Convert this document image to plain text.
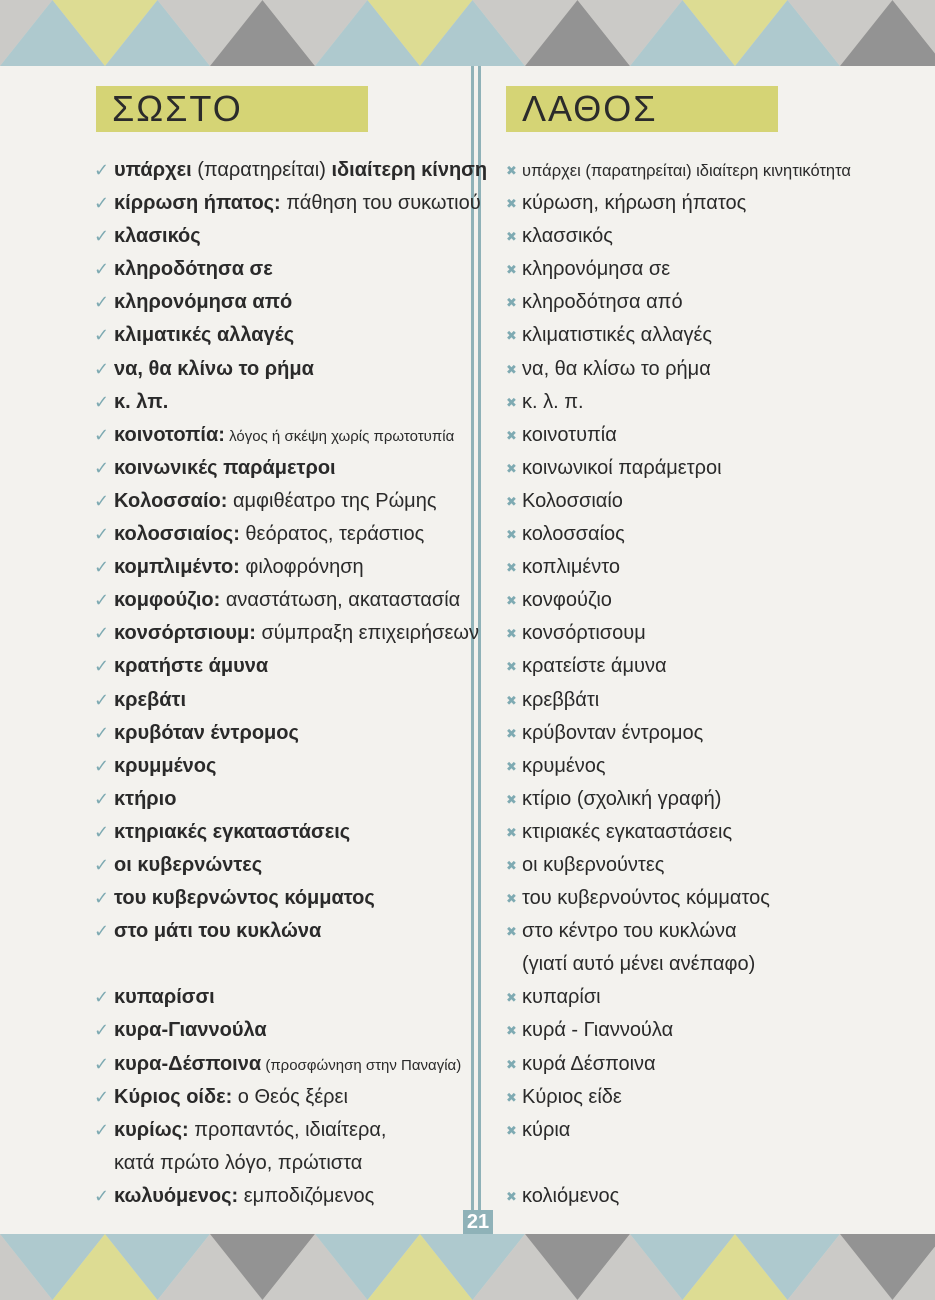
ΣΩΣΤΟ
✓ υπάρχει (παρατηρείται) ιδιαίτερη κίνηση
✓ κίρρωση ήπατος: πάθηση του συκωτιού
✓ κλασικός
✓ κληροδότησα σε
✓ κληρονόμησα από
✓ κλιματικές αλλαγές
✓ να, θα κλίνω το ρήμα
✓ κ. λπ.
✓ κοινοτοπία: λόγος ή σκέψη χωρίς πρωτοτυπία
✓ κοινωνικές παράμετροι
✓ Κολοσσαίο: αμφιθέατρο της Ρώμης
✓ κολοσσιαίος: θεόρατος, τεράστιος
✓ κομπλιμέντο: φιλοφρόνηση
✓ κομφούζιο: αναστάτωση, ακαταστασία
✓ κονσόρτσιουμ: σύμπραξη επιχειρήσεων
✓ κρατήστε άμυνα
✓ κρεβάτι
✓ κρυβόταν έντρομος
✓ κρυμμένος
✓ κτήριο
✓ κτηριακές εγκαταστάσεις
✓ οι κυβερνώντες
✓ του κυβερνώντος κόμματος
✓ στο μάτι του κυκλώνα
✓ κυπαρίσσι
✓ κυρα-Γιαννούλα
✓ κυρα-Δέσποινα (προσφώνηση στην Παναγία)
✓ Κύριος οίδε: ο Θεός ξέρει
✓ κυρίως: προπαντός, ιδιαίτερα,
κατά πρώτο λόγο, πρώτιστα
✓ κωλυόμενος: εμποδιζόμενος
ΛΑΘΟΣ
✖ υπάρχει (παρατηρείται) ιδιαίτερη κινητικότητα
✖ κύρωση, κήρωση ήπατος
✖ κλασσικός
✖ κληρονόμησα σε
✖ κληροδότησα από
✖ κλιματιστικές αλλαγές
✖ να, θα κλίσω το ρήμα
✖ κ. λ. π.
✖ κοινοτυπία
✖ κοινωνικοί παράμετροι
✖ Κολοσσιαίο
✖ κολοσσαίος
✖ κοπλιμέντο
✖ κονφούζιο
✖ κονσόρτισουμ
✖ κρατείστε άμυνα
✖ κρεββάτι
✖ κρύβονταν έντρομος
✖ κρυμένος
✖ κτίριο (σχολική γραφή)
✖ κτιριακές εγκαταστάσεις
✖ οι κυβερνούντες
✖ του κυβερνούντος κόμματος
✖ στο κέντρο του κυκλώνα
(γιατί αυτό μένει ανέπαφο)
✖ κυπαρίσι
✖ κυρά - Γιαννούλα
✖ κυρά Δέσποινα
✖ Κύριος είδε
✖ κύρια
✖ κολιόμενος
21
